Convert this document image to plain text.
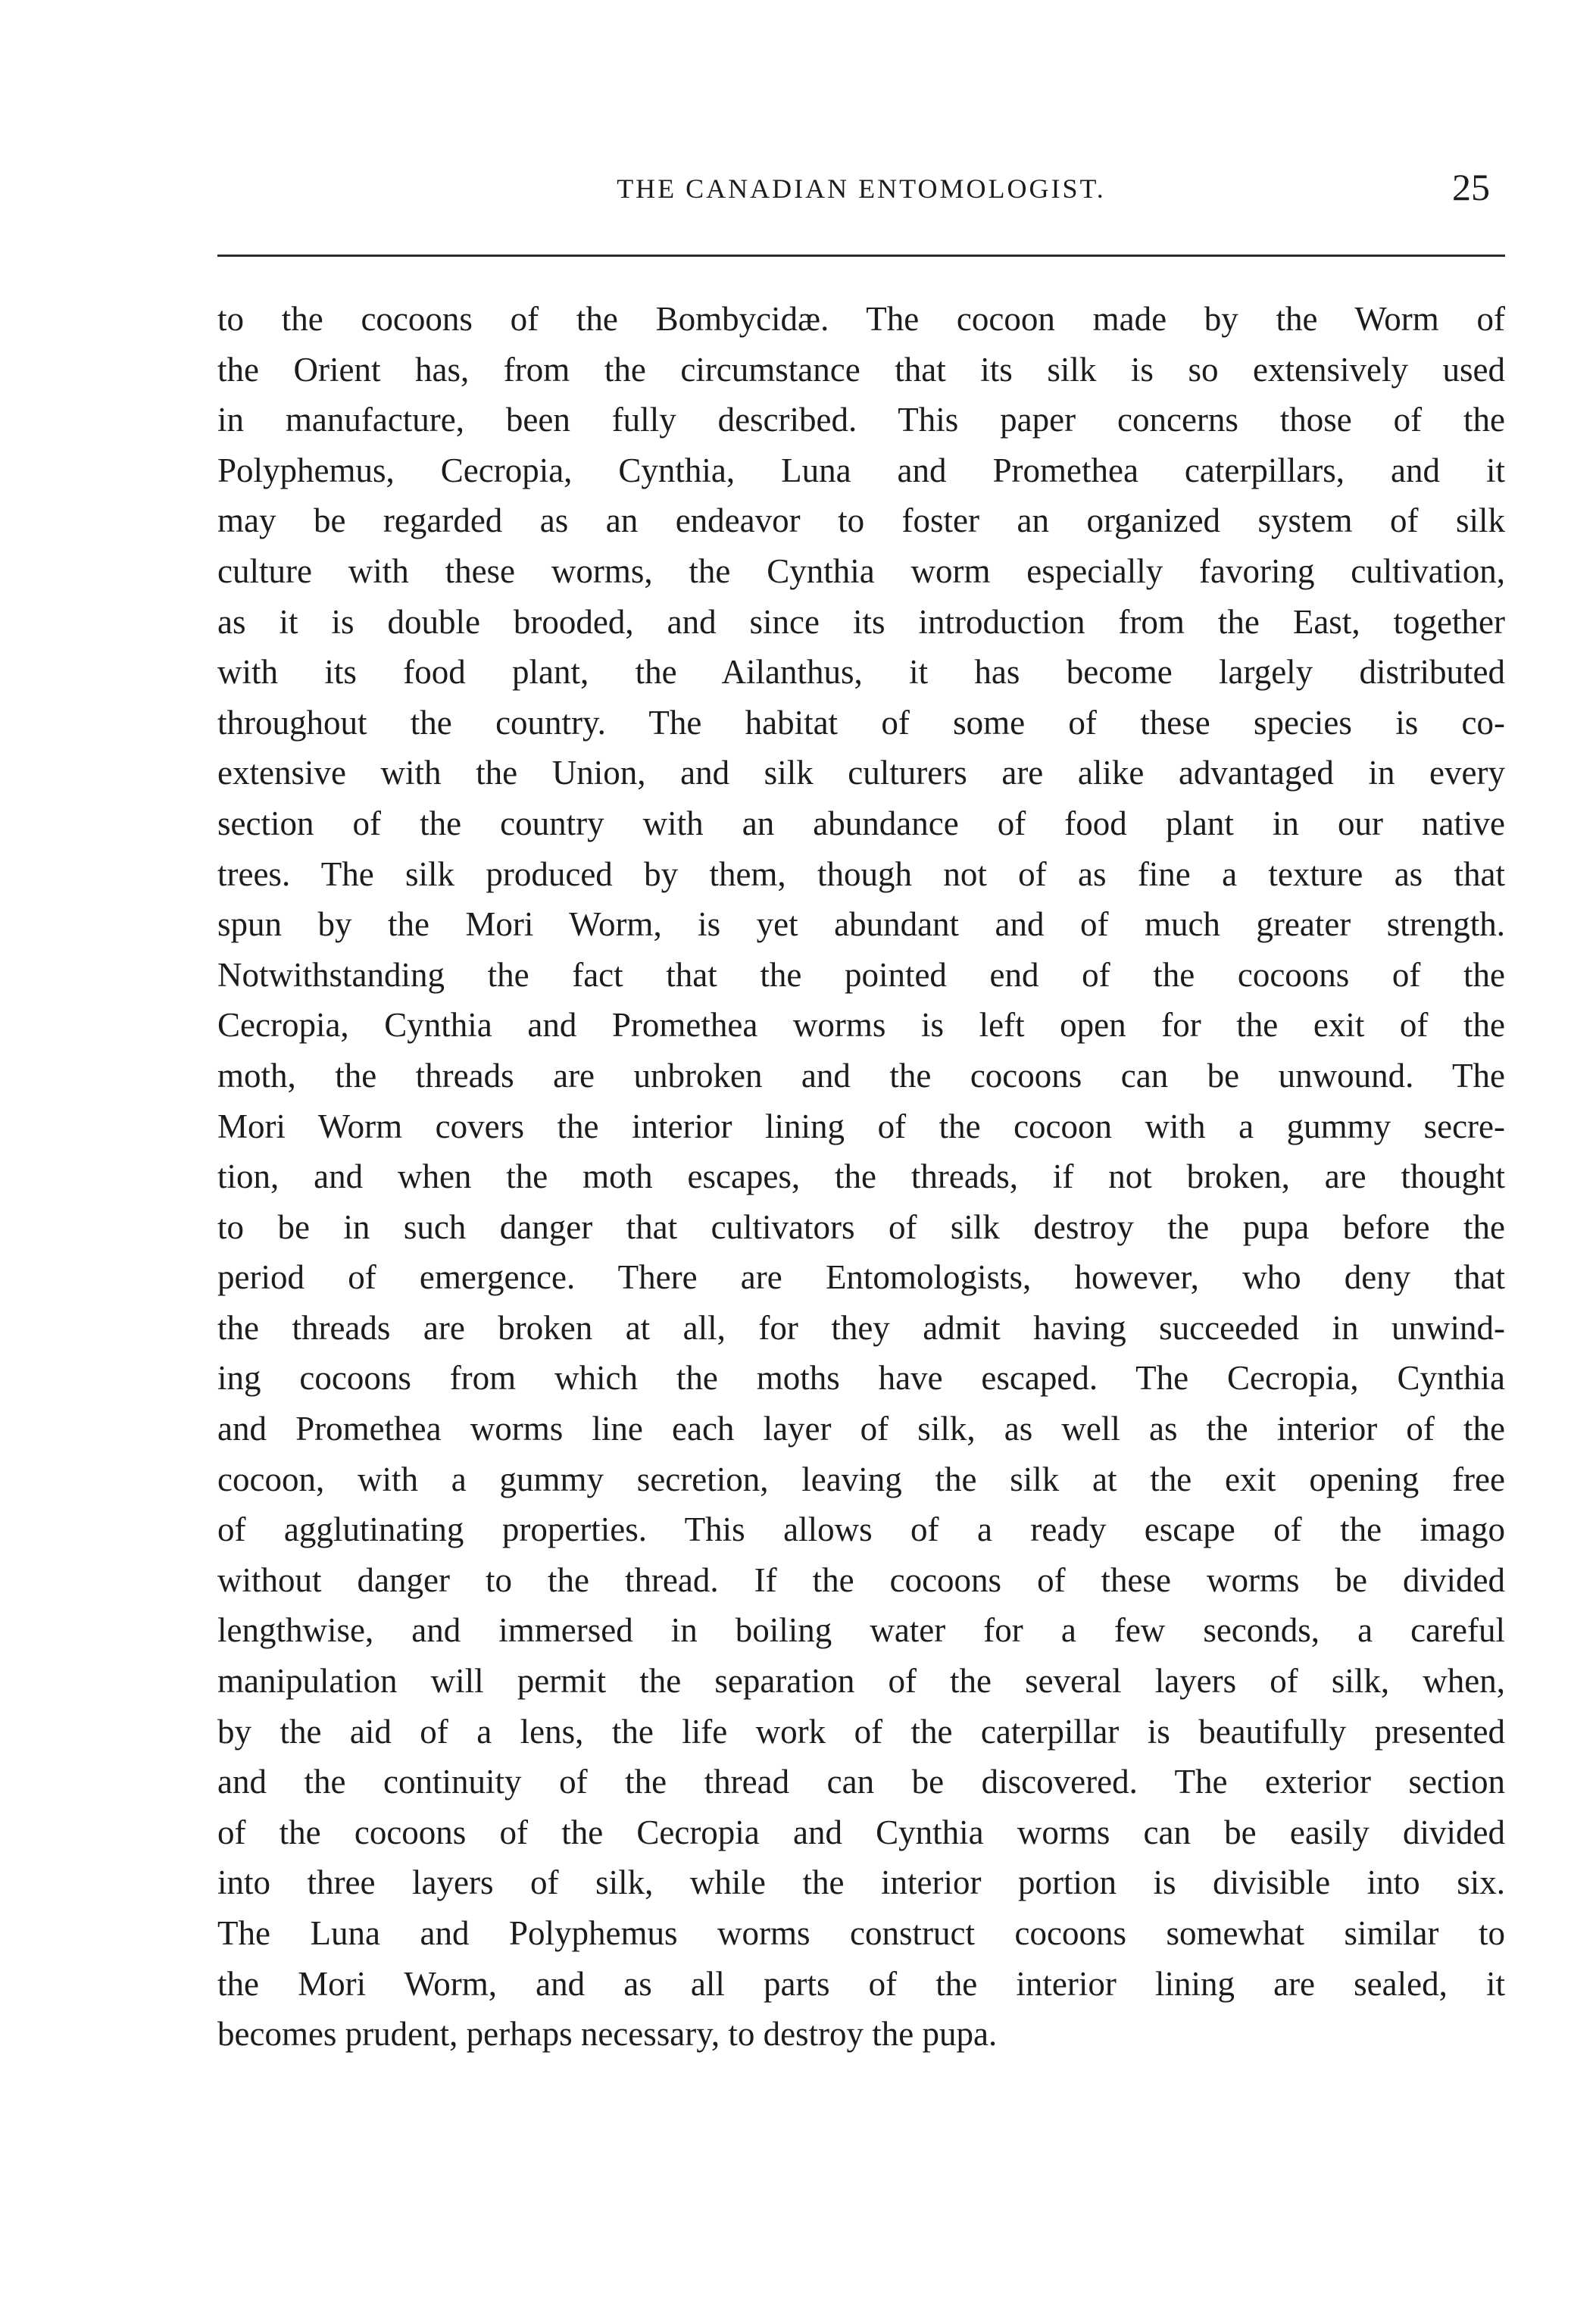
THE CANADIAN ENTOMOLOGIST.	25
to the cocoons of the Bombycidæ. The cocoon made by the Worm of
the Orient has, from the circumstance that its silk is so extensively used
in manufacture, been fully described. This paper concerns those of the
Polyphemus, Cecropia, Cynthia, Luna and Promethea caterpillars, and it
may be regarded as an endeavor to foster an organized system of silk
culture with these worms, the Cynthia worm especially favoring cultivation,
as it is double brooded, and since its introduction from the East, together
with its food plant, the Ailanthus, it has become largely distributed
throughout the country. The habitat of some of these species is co-
extensive with the Union, and silk culturers are alike advantaged in every
section of the country with an abundance of food plant in our native
trees. The silk produced by them, though not of as fine a texture as that
spun by the Mori Worm, is yet abundant and of much greater strength.
Notwithstanding the fact that the pointed end of the cocoons of the
Cecropia, Cynthia and Promethea worms is left open for the exit of the
moth, the threads are unbroken and the cocoons can be unwound. The
Mori Worm covers the interior lining of the cocoon with a gummy secre-
tion, and when the moth escapes, the threads, if not broken, are thought
to be in such danger that cultivators of silk destroy the pupa before the
period of emergence. There are Entomologists, however, who deny that
the threads are broken at all, for they admit having succeeded in unwind-
ing cocoons from which the moths have escaped. The Cecropia, Cynthia
and Promethea worms line each layer of silk, as well as the interior of the
cocoon, with a gummy secretion, leaving the silk at the exit opening free
of agglutinating properties. This allows of a ready escape of the imago
without danger to the thread. If the cocoons of these worms be divided
lengthwise, and immersed in boiling water for a few seconds, a careful
manipulation will permit the separation of the several layers of silk, when,
by the aid of a lens, the life work of the caterpillar is beautifully presented
and the continuity of the thread can be discovered. The exterior section
of the cocoons of the Cecropia and Cynthia worms can be easily divided
into three layers of silk, while the interior portion is divisible into six.
The Luna and Polyphemus worms construct cocoons somewhat similar to
the Mori Worm, and as all parts of the interior lining are sealed, it
becomes prudent, perhaps necessary, to destroy the pupa.
